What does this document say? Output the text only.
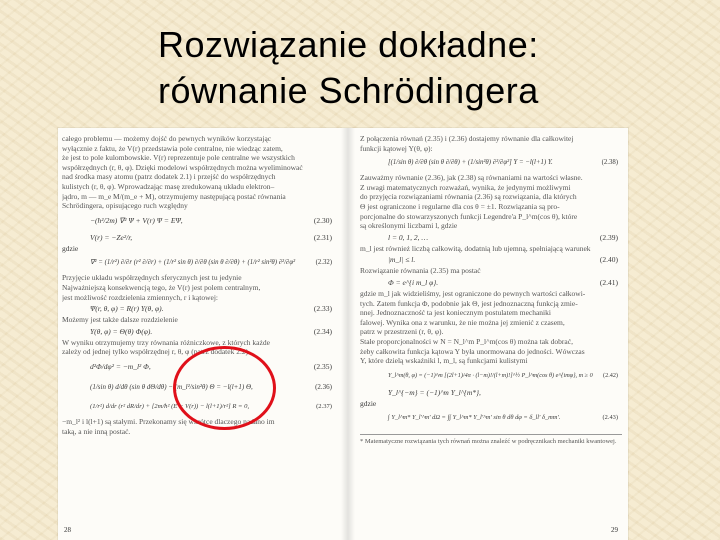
Rozwiązanie dokładne:
równanie Schrödingera
całego problemu — możemy dojść do pewnych wyników korzystając
wyłącznie z faktu, że V(r) przedstawia pole centralne, nie wiedząc zatem,
że jest to pole kulombowskie. V(r) reprezentuje pole centralne we wszystkich
współrzędnych (r, θ, φ). Dzięki modelowi współrzędnych można wyeliminować
nad środka masy atomu (patrz dodatek 2.1) i przejść do współrzędnych
kulistych (r, θ, φ). Wprowadzając masę zredukowaną układu elektron–
jądro, m — m_e M/(m_e + M), otrzymujemy następującą postać równania
Schrödingera, opisującego ruch względny
−(ħ²/2m) ∇² Ψ + V(r) Ψ = EΨ,	(2.30)
V(r) = −Ze²/r,	(2.31)
gdzie
∇² = (1/r²) ∂/∂r (r² ∂/∂r) + (1/r² sin θ) ∂/∂θ (sin θ ∂/∂θ) + (1/r² sin²θ) ∂²/∂φ²	(2.32)
Przyjęcie układu współrzędnych sferycznych jest tu jedynie
Najważniejszą konsekwencją tego, że V(r) jest polem centralnym,
jest możliwość rozdzielenia zmiennych, r i kątowej:
Ψ(r, θ, φ) = R(r) Y(θ, φ).	(2.33)
Możemy jest także dalsze rozdzielenie
Y(θ, φ) = Θ(θ) Φ(φ).	(2.34)
W wyniku otrzymujemy trzy równania różniczkowe, z których każde
zależy od jednej tylko współrzędnej r, θ, φ (patrz dodatek 2.2)
d²Φ/dφ² = −m_l² Φ,	(2.35)
(1/sin θ) d/dθ (sin θ dΘ/dθ) − (m_l²/sin²θ) Θ = −l(l+1) Θ,	(2.36)
(1/r²) d/dr (r² dR/dr) + [2m/ħ² (E − V(r)) − l(l+1)/r²] R = 0,	(2.37)
−m_l² i l(l+1) są stałymi. Przekonamy się wkrótce dlaczego nadano im
taką, a nie inną postać.
28
Z połączenia równań (2.35) i (2.36) dostajemy równanie dla całkowitej
funkcji kątowej Y(θ, φ):
[(1/sin θ) ∂/∂θ (sin θ ∂/∂θ) + (1/sin²θ) ∂²/∂φ²] Y = −l(l+1) Y.	(2.38)
Zauważmy równanie (2.36), jak (2.38) są równaniami na wartości własne.
Z uwagi matematycznych rozważań, wynika, że jedynymi możliwymi
do przyjęcia rozwiązaniami równania (2.36) są rozwiązania, dla których
Θ jest ograniczone i regularne dla cos θ = ±1. Rozwiązania są pro-
porcjonalne do stowarzyszonych funkcji Legendre'a P_l^m(cos θ), które
są określonymi liczbami l, gdzie
l = 0, 1, 2, …	(2.39)
m_l jest również liczbą całkowitą, dodatnią lub ujemną, spełniającą warunek
|m_l| ≤ l.	(2.40)
Rozwiązanie równania (2.35) ma postać
Φ = e^{i m_l φ}.	(2.41)
gdzie m_l jak widzieliśmy, jest ograniczone do pewnych wartości całkowi-
tych. Zatem funkcja Φ, podobnie jak Θ, jest jednoznaczną funkcją zmie-
nnej. Jednoznaczność ta jest koniecznym postulatem mechaniki
falowej. Wynika ona z warunku, że nie można jej zmienić z czasem,
patrz w przestrzeni (r, θ, φ).
Stałe proporcjonalności w N = N_l^m P_l^m(cos θ) można tak dobrać,
żeby całkowita funkcja kątowa Y była unormowana do jedności. Wówczas
Y, które dzielą wskaźniki l, m_l, są funkcjami kulistymi
Y_l^m(θ, φ) = (−1)^m [(2l+1)/4π · (l−m)!/(l+m)!]^½ P_l^m(cos θ) e^{imφ}, m ≥ 0 (2.42)
Y_l^{−m} = (−1)^m Y_l^{m*},
gdzie
∫ Y_l^m* Y_l'^m' dΩ = ∫∫ Y_l^m* Y_l'^m' sin θ dθ dφ = δ_ll' δ_mm'.	(2.43)
* Matematyczne rozwiązania tych równań można znaleźć w podręcznikach mechaniki kwantowej.
29
